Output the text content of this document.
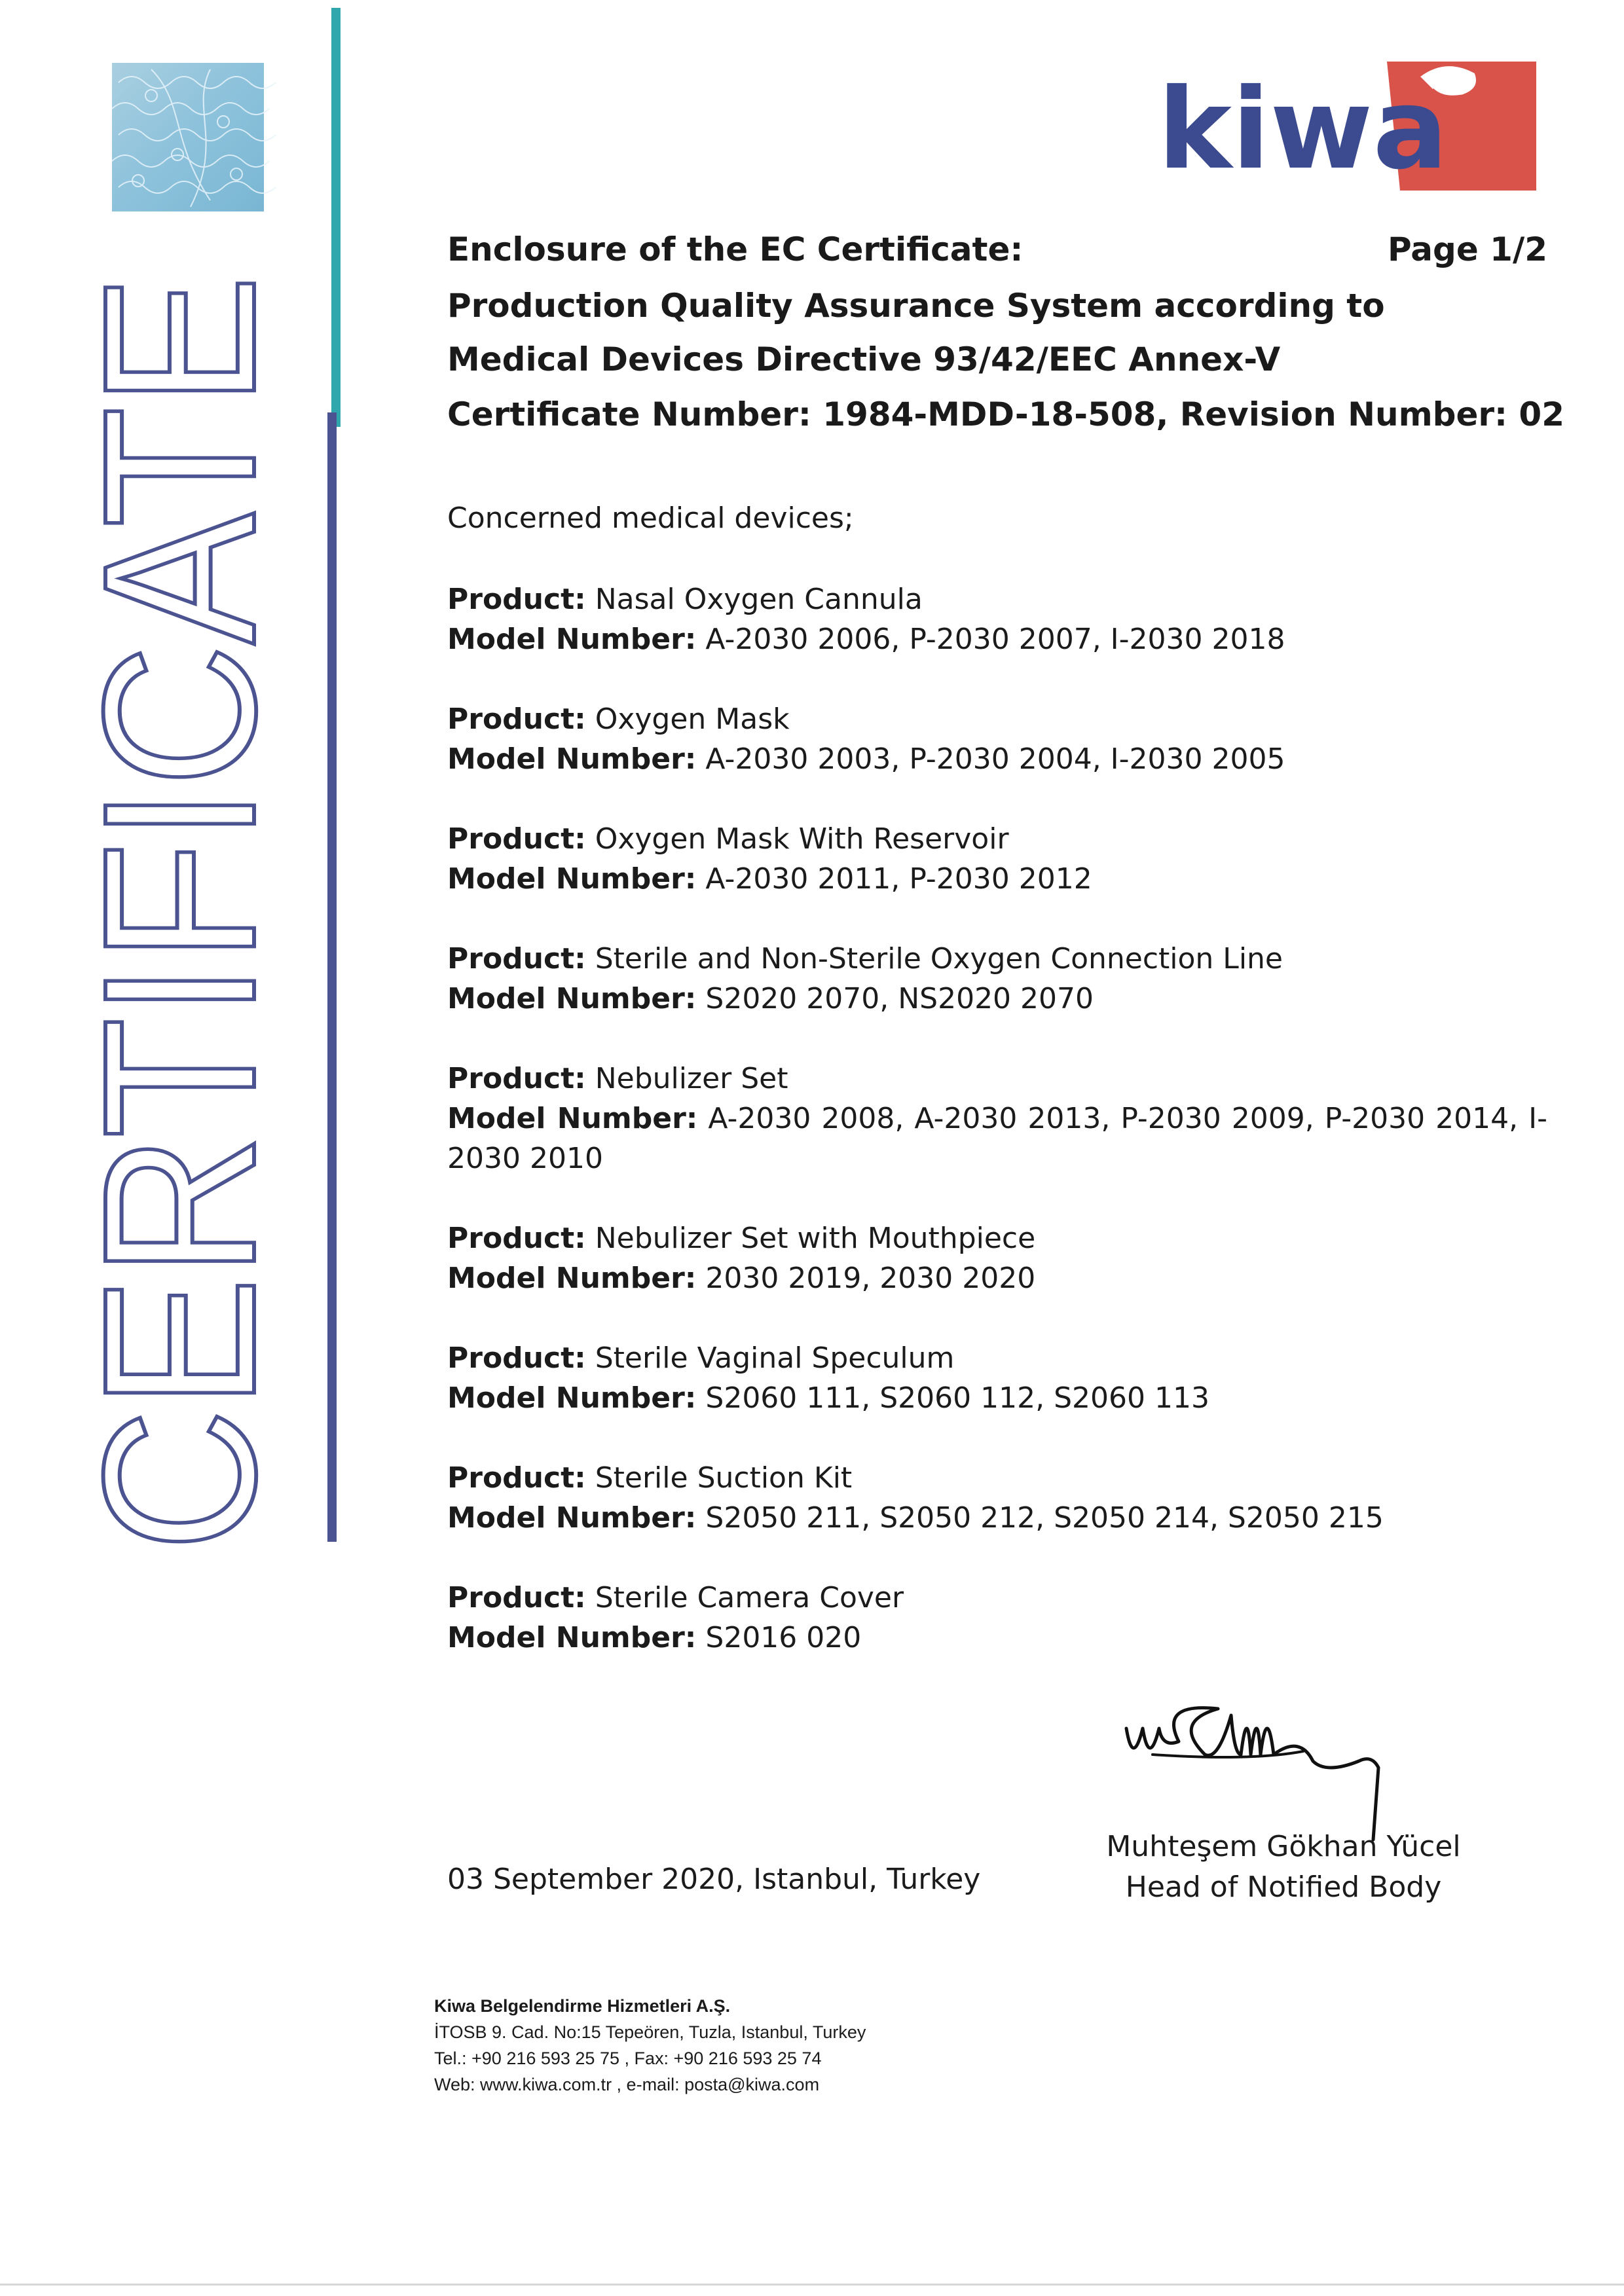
CERTIFICATE
kiwa
Enclosure of the EC Certificate:	Page 1/2
Production Quality Assurance System according to
Medical Devices Directive 93/42/EEC Annex-V
Certificate Number: 1984-MDD-18-508, Revision Number: 02
Concerned medical devices;
Product: Nasal Oxygen Cannula
Model Number: A-2030 2006, P-2030 2007, I-2030 2018
Product: Oxygen Mask
Model Number: A-2030 2003, P-2030 2004, I-2030 2005
Product: Oxygen Mask With Reservoir
Model Number: A-2030 2011, P-2030 2012
Product: Sterile and Non-Sterile Oxygen Connection Line
Model Number: S2020 2070, NS2020 2070
Product: Nebulizer Set
Model Number: A-2030 2008, A-2030 2013, P-2030 2009, P-2030 2014, I-2030 2010
Product: Nebulizer Set with Mouthpiece
Model Number: 2030 2019, 2030 2020
Product: Sterile Vaginal Speculum
Model Number: S2060 111, S2060 112, S2060 113
Product: Sterile Suction Kit
Model Number: S2050 211, S2050 212, S2050 214, S2050 215
Product: Sterile Camera Cover
Model Number: S2016 020
Muhteşem Gökhan Yücel
Head of Notified Body
03 September 2020, Istanbul, Turkey
Kiwa Belgelendirme Hizmetleri A.Ş.
İTOSB 9. Cad. No:15 Tepeören, Tuzla, Istanbul, Turkey
Tel.: +90 216 593 25 75 , Fax: +90 216 593 25 74
Web: www.kiwa.com.tr , e-mail: posta@kiwa.com
